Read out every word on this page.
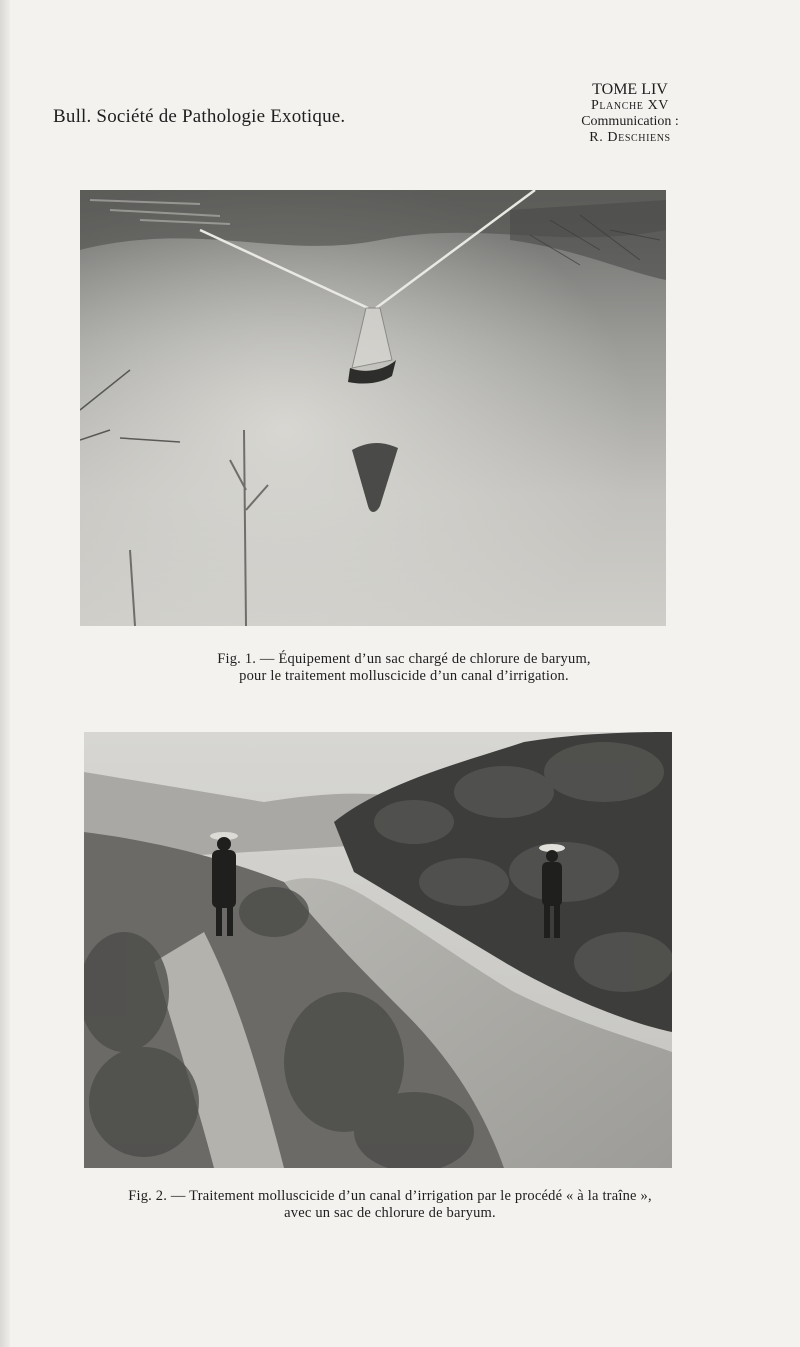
Bull. Société de Pathologie Exotique.
TOME LIV
Planche XV
Communication :
R. Deschiens
Fig. 1. — Équipement d’un sac chargé de chlorure de baryum,
pour le traitement molluscicide d’un canal d’irrigation.
Fig. 2. — Traitement molluscicide d’un canal d’irrigation par le procédé « à la traîne »,
avec un sac de chlorure de baryum.
